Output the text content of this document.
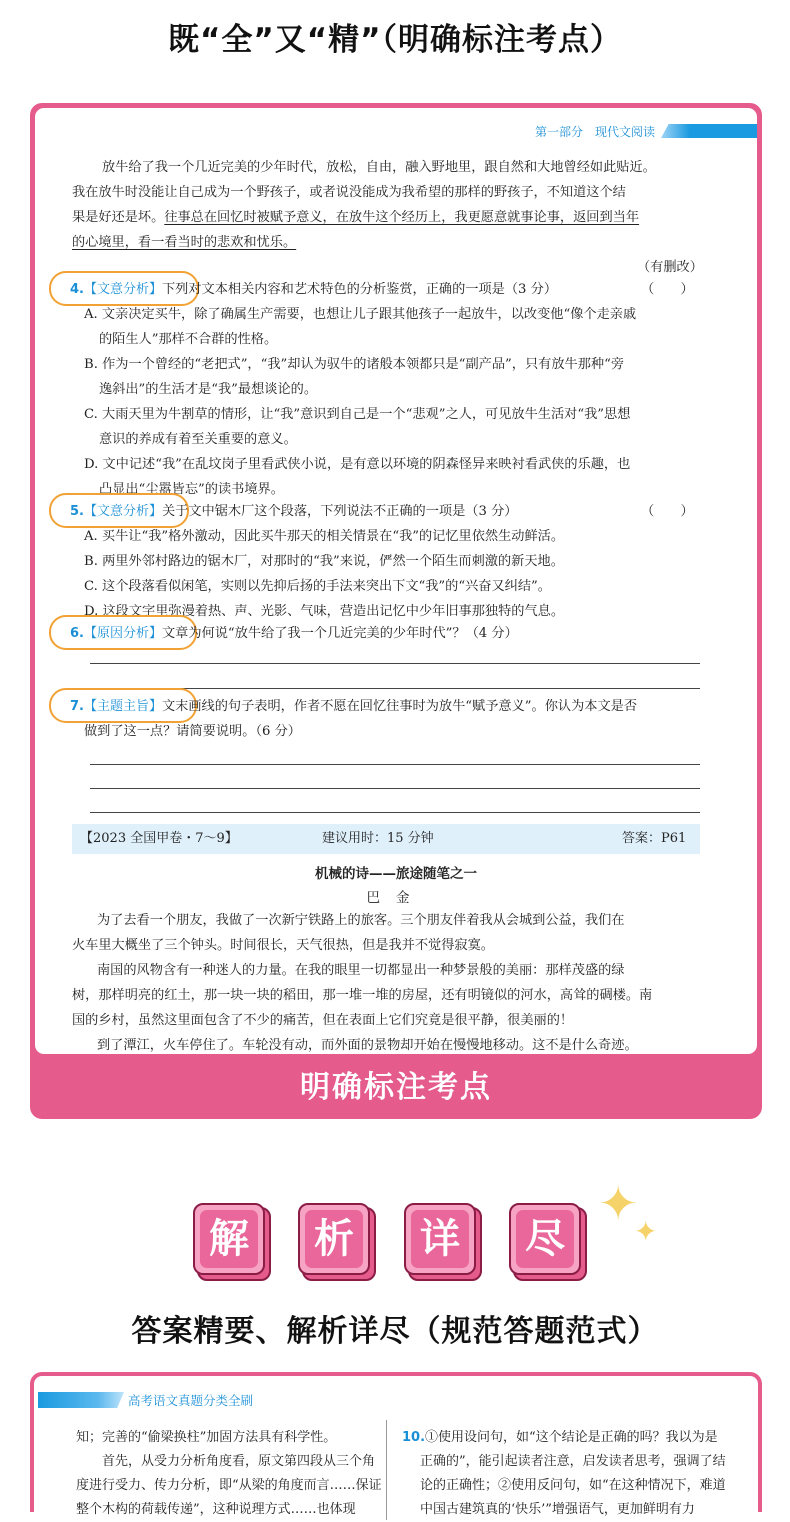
既“全”又“精”（明确标注考点）
第一部分　现代文阅读
放牛给了我一个几近完美的少年时代，放松，自由，融入野地里，跟自然和大地曾经如此贴近。
我在放牛时没能让自己成为一个野孩子，或者说没能成为我希望的那样的野孩子，不知道这个结
果是好还是坏。往事总在回忆时被赋予意义，在放牛这个经历上，我更愿意就事论事，返回到当年
的心境里，看一看当时的悲欢和忧乐。
（有删改）
4.【文意分析】下列对文本相关内容和艺术特色的分析鉴赏，正确的一项是（3 分）	（　　）
A. 文亲决定买牛，除了确属生产需要，也想让儿子跟其他孩子一起放牛，以改变他“像个走亲戚
的陌生人”那样不合群的性格。
B. 作为一个曾经的“老把式”，“我”却认为驭牛的诸般本领都只是“副产品”，只有放牛那种“旁
逸斜出”的生活才是“我”最想谈论的。
C. 大雨天里为牛割草的情形，让“我”意识到自己是一个“悲观”之人，可见放牛生活对“我”思想
意识的养成有着至关重要的意义。
D. 文中记述“我”在乱坟岗子里看武侠小说，是有意以环境的阴森怪异来映衬看武侠的乐趣，也
凸显出“尘嚣皆忘”的读书境界。
5.【文意分析】关于文中锯木厂这个段落，下列说法不正确的一项是（3 分）	（　　）
A. 买牛让“我”格外激动，因此买牛那天的相关情景在“我”的记忆里依然生动鲜活。
B. 两里外邻村路边的锯木厂，对那时的“我”来说，俨然一个陌生而刺激的新天地。
C. 这个段落看似闲笔，实则以先抑后扬的手法来突出下文“我”的“兴奋又纠结”。
D. 这段文字里弥漫着热、声、光影、气味，营造出记忆中少年旧事那独特的气息。
6.【原因分析】文章为何说“放牛给了我一个几近完美的少年时代”？（4 分）
7.【主题主旨】文末画线的句子表明，作者不愿在回忆往事时为放牛“赋予意义”。你认为本文是否
做到了这一点？请简要说明。（6 分）
【2023 全国甲卷・7～9】	建议用时：15 分钟	答案：P61
机械的诗——旅途随笔之一
巴金
为了去看一个朋友，我做了一次新宁铁路上的旅客。三个朋友伴着我从会城到公益，我们在
火车里大概坐了三个钟头。时间很长，天气很热，但是我并不觉得寂寞。
南国的风物含有一种迷人的力量。在我的眼里一切都显出一种梦景般的美丽：那样茂盛的绿
树，那样明亮的红土，那一块一块的稻田，那一堆一堆的房屋，还有明镜似的河水，高耸的碉楼。南
国的乡村，虽然这里面包含了不少的痛苦，但在表面上它们究竟是很平静，很美丽的！
到了潭江，火车停住了。车轮没有动，而外面的景物却开始在慢慢地移动。这不是什么奇迹。
明确标注考点
解 析 详 尽
✦
✦
答案精要、解析详尽（规范答题范式）
高考语文真题分类全刷
知；完善的“偷梁换柱”加固方法具有科学性。
首先，从受力分析角度看，原文第四段从三个角
度进行受力、传力分析，即“从梁的角度而言……保证
整个木构的荷载传递”，这种说理方式……也体现
10.①使用设问句，如“这个结论是正确的吗？我以为是
正确的”，能引起读者注意，启发读者思考，强调了结
论的正确性；②使用反问句，如“在这种情况下，难道
中国古建筑真的‘快乐’”增强语气，更加鲜明有力
